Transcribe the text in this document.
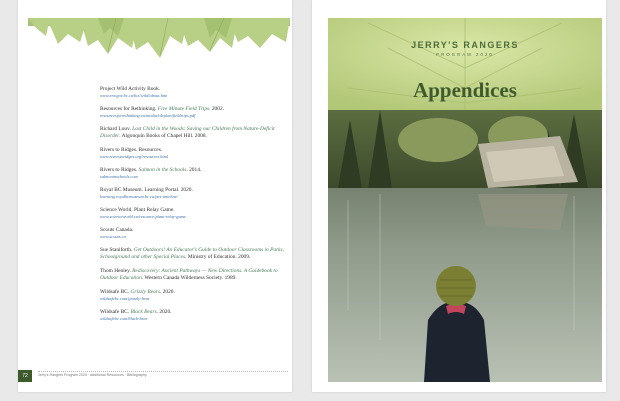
Project Wild Activity Book.
www.env.gov.bc.ca/hct/wild/about.htm
Resources for Rethinking. Five Minute Field Trips. 2002.
resourcesforrethinking.ca/media/r4rplan/fieldtrips.pdf
Richard Louv. Last Child in the Woods: Saving our Children from Nature-Deficit Disorder. Algonquin Books of Chapel Hill. 2008.
Rivers to Ridges. Resources.
www.riverstoridges.org/resources.html
Rivers to Ridges. Salmon in the Schools. 2014.
salmoninschools.com
Royal BC Museum. Learning Portal. 2020.
learning.royalbcmuseum.bc.ca/pes-timeline/
Science World. Plant Relay Game.
www.scienceworld.ca/resource/plant-relay-game
Scouts Canada.
www.scouts.ca
Sue Staniforth. Get Outdoors! An Educator's Guide to Outdoor Classrooms in Parks, Schoolground and other Special Places. Ministry of Education. 2009.
Thom Henley. Rediscovery: Ancient Pathways — New Directions. A Guidebook to Outdoor Education. Western Canada Wilderness Society. 1989.
Wildsafe BC. Grizzly Bears. 2020.
wildsafebc.com/grizzly-bear
Wildsafe BC. Black Bears. 2020.
wildsafebc.com/black-bear
72	Jerry's Rangers Program 2020 · Additional Resources · Bibliography
JERRY'S RANGERS
PROGRAM 2020
Appendices
